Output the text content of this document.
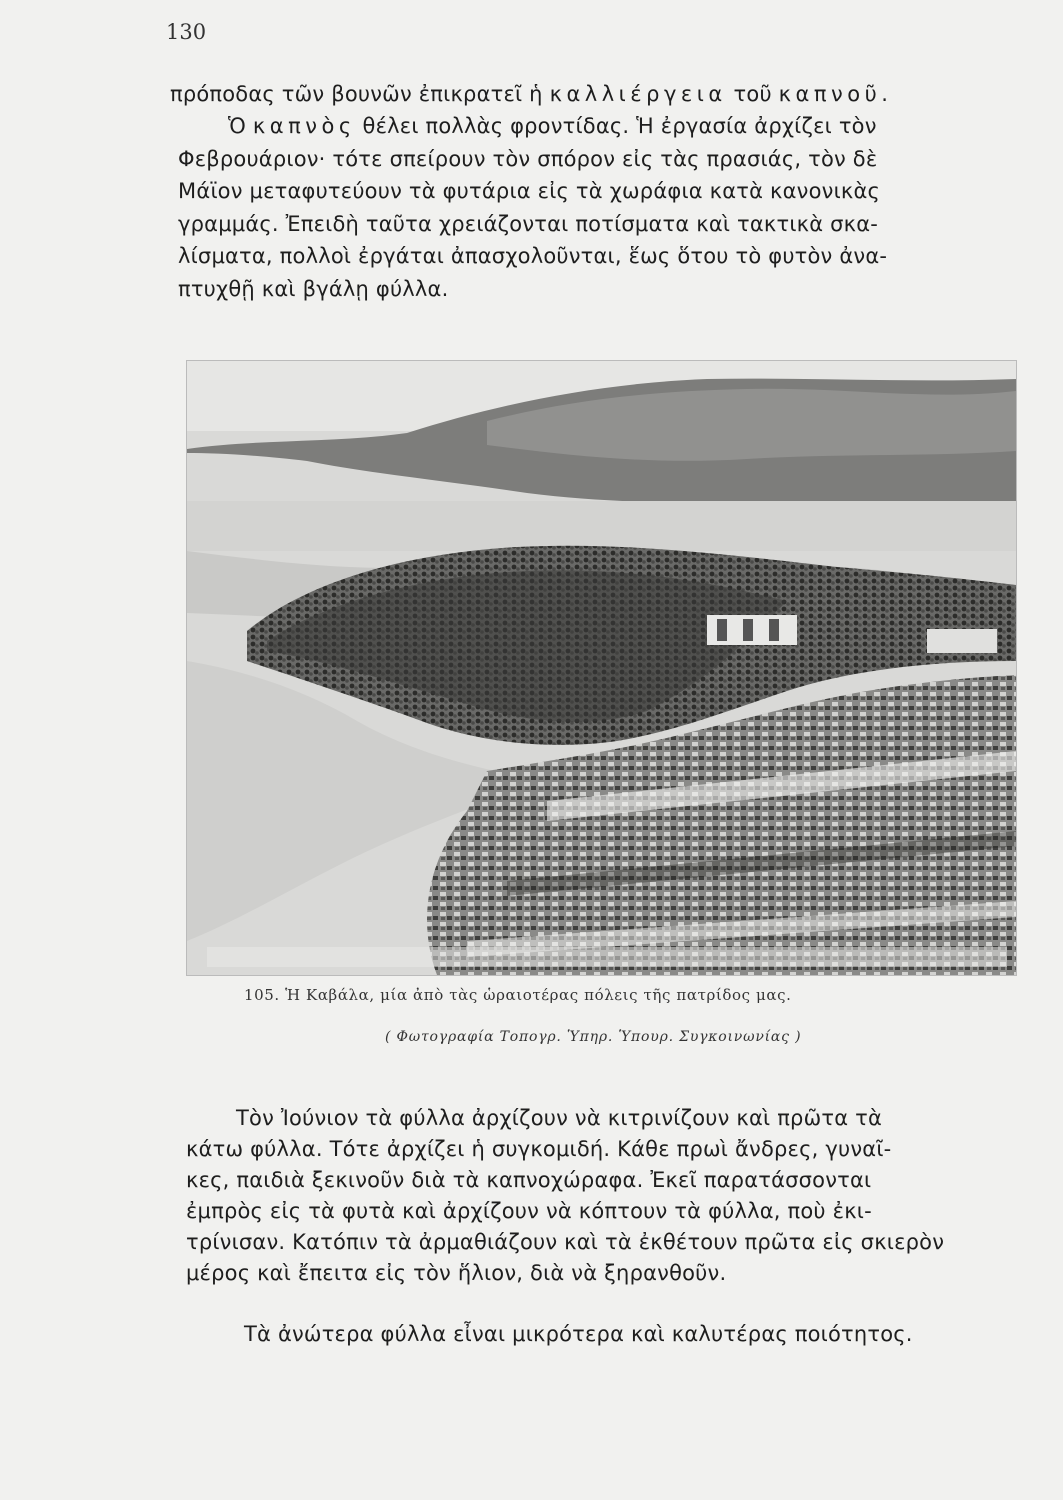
130

πρόποδας τῶν βουνῶν ἐπικρατεῖ ἡ καλλιέργεια τοῦ καπνοῦ.

Ὁ καπνὸς θέλει πολλὰς φροντίδας. Ἡ ἐργασία ἀρχίζει τὸν
Φεβρουάριον· τότε σπείρουν τὸν σπόρον εἰς τὰς πρασιάς, τὸν δὲ
Μάϊον μεταφυτεύουν τὰ φυτάρια εἰς τὰ χωράφια κατὰ κανονικὰς
γραμμάς. Ἐπειδὴ ταῦτα χρειάζονται ποτίσματα καὶ τακτικὰ σκα-
λίσματα, πολλοὶ ἐργάται ἀπασχολοῦνται, ἕως ὅτου τὸ φυτὸν ἀνα-
πτυχθῇ καὶ βγάλῃ φύλλα.

105. Ἡ Καβάλα, μία ἀπὸ τὰς ὡραιοτέρας πόλεις τῆς πατρίδος μας.

( Φωτογραφία Τοπογρ. Ὑπηρ. Ὑπουρ. Συγκοινωνίας )

Τὸν Ἰούνιον τὰ φύλλα ἀρχίζουν νὰ κιτρινίζουν καὶ πρῶτα τὰ
κάτω φύλλα. Τότε ἀρχίζει ἡ συγκομιδή. Κάθε πρωὶ ἄνδρες, γυναῖ-
κες, παιδιὰ ξεκινοῦν διὰ τὰ καπνοχώραφα. Ἐκεῖ παρατάσσονται
ἐμπρὸς εἰς τὰ φυτὰ καὶ ἀρχίζουν νὰ κόπτουν τὰ φύλλα, ποὺ ἐκι-
τρίνισαν. Κατόπιν τὰ ἀρμαθιάζουν καὶ τὰ ἐκθέτουν πρῶτα εἰς σκιερὸν
μέρος καὶ ἔπειτα εἰς τὸν ἥλιον, διὰ νὰ ξηρανθοῦν.

Τὰ ἀνώτερα φύλλα εἶναι μικρότερα καὶ καλυτέρας ποιότητος.
